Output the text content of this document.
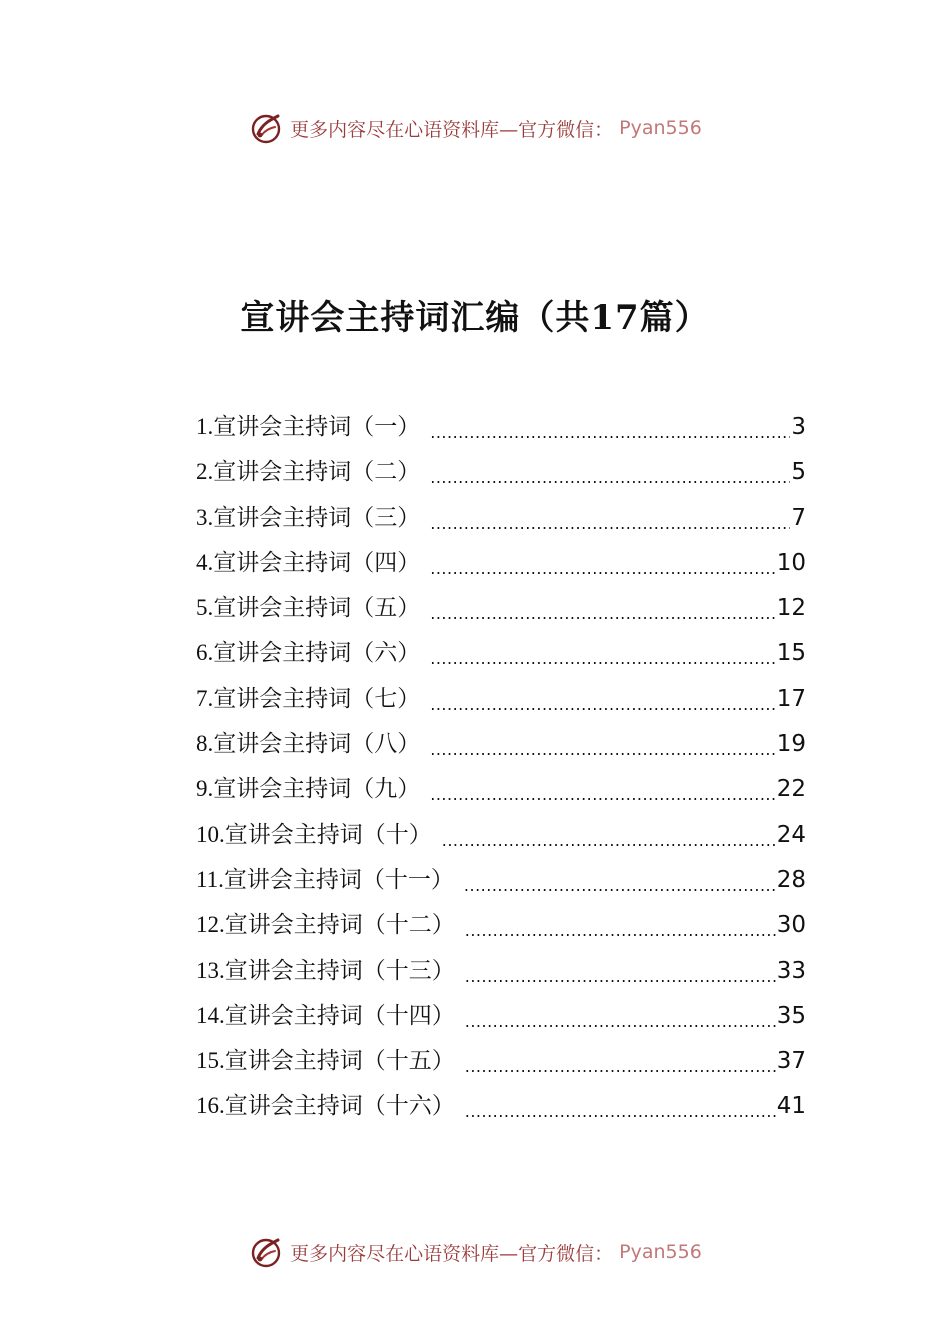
更多内容尽在心语资料库—官方微信： Pyan556
宣讲会主持词汇编（共17篇）
1. 宣讲会主持词（一） .....	3
2. 宣讲会主持词（二） .....	5
3. 宣讲会主持词（三） .....	7
4. 宣讲会主持词（四） .....	10
5. 宣讲会主持词（五） .....	12
6. 宣讲会主持词（六） .....	15
7. 宣讲会主持词（七） .....	17
8. 宣讲会主持词（八） .....	19
9. 宣讲会主持词（九） .....	22
10. 宣讲会主持词（十） .....	24
11. 宣讲会主持词（十一） .....	28
12. 宣讲会主持词（十二） .....	30
13. 宣讲会主持词（十三） .....	33
14. 宣讲会主持词（十四） .....	35
15. 宣讲会主持词（十五） .....	37
16. 宣讲会主持词（十六） .....	41
更多内容尽在心语资料库—官方微信： Pyan556
